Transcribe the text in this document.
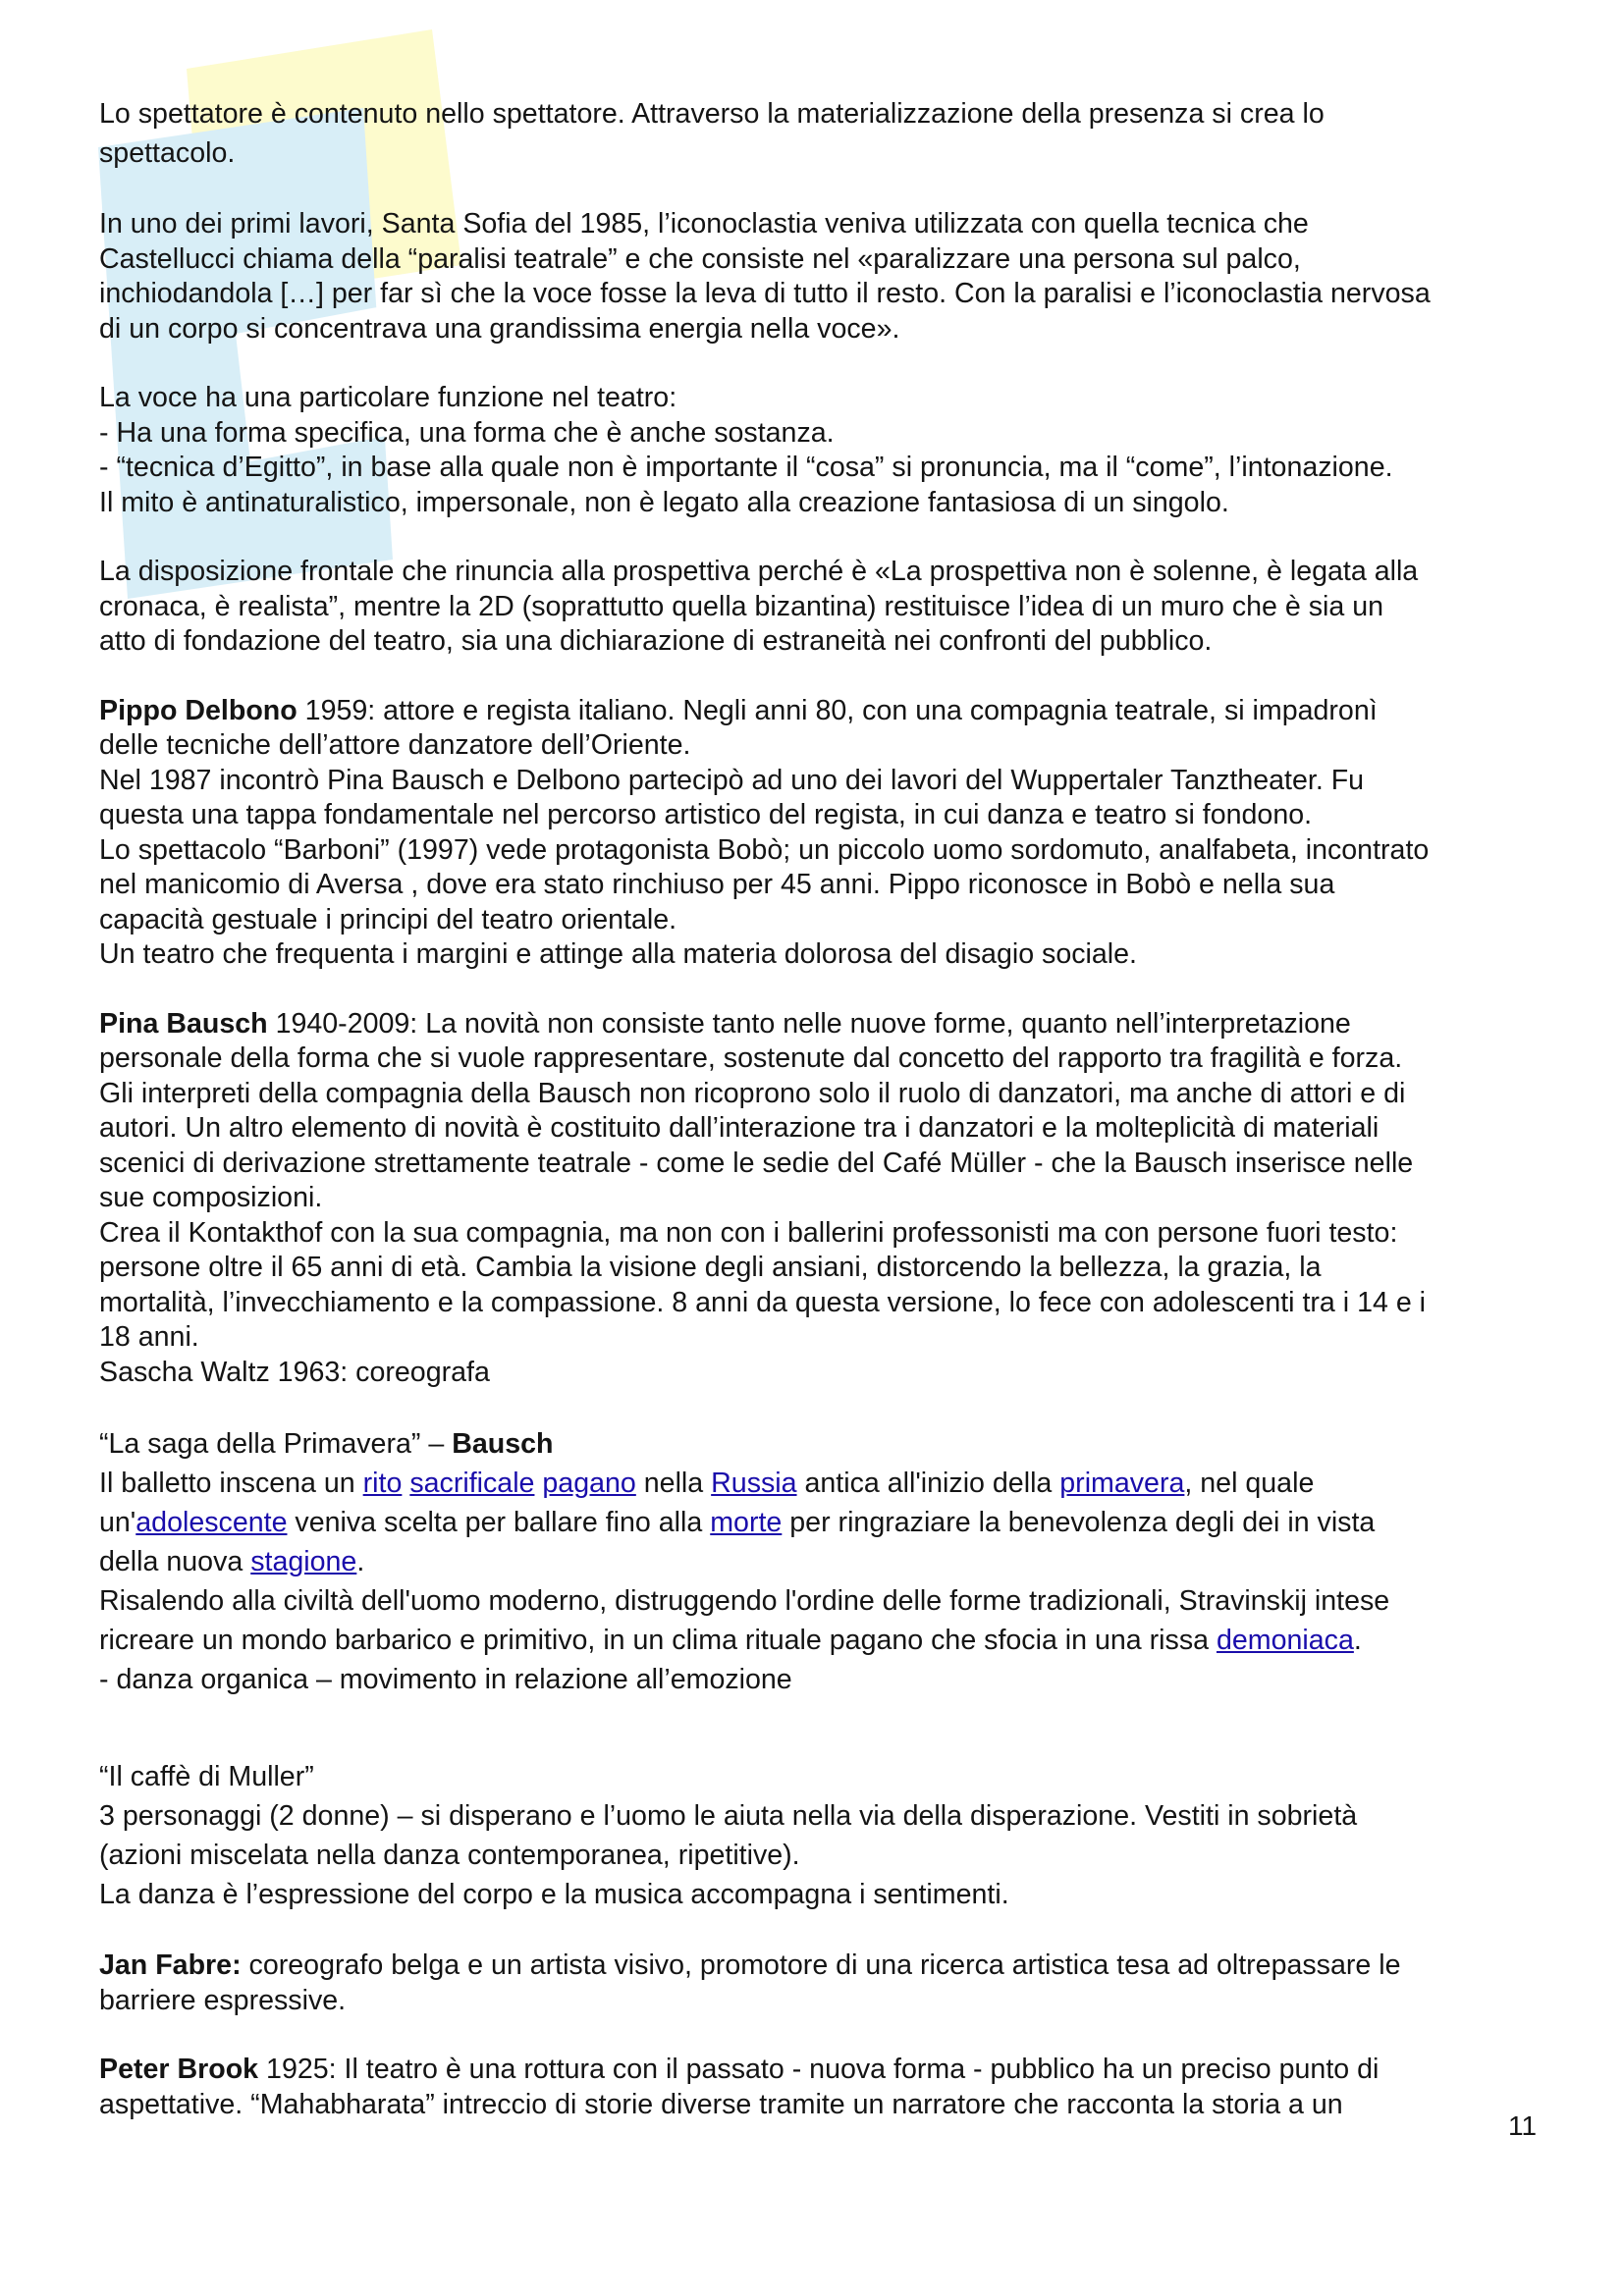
Lo spettatore è contenuto nello spettatore. Attraverso la materializzazione della presenza si crea lo
spettacolo.
In uno dei primi lavori, Santa Sofia del 1985, l’iconoclastia veniva utilizzata con quella tecnica che
Castellucci chiama della “paralisi teatrale” e che consiste nel «paralizzare una persona sul palco,
inchiodandola […] per far sì che la voce fosse la leva di tutto il resto. Con la paralisi e l’iconoclastia nervosa
di un corpo si concentrava una grandissima energia nella voce».
La voce ha una particolare funzione nel teatro:
- Ha una forma specifica, una forma che è anche sostanza.
- “tecnica d’Egitto”, in base alla quale non è importante il “cosa” si pronuncia, ma il “come”, l’intonazione.
Il mito è antinaturalistico, impersonale, non è legato alla creazione fantasiosa di un singolo.
La disposizione frontale che rinuncia alla prospettiva perché è «La prospettiva non è solenne, è legata alla
cronaca, è realista”, mentre la 2D (soprattutto quella bizantina) restituisce l’idea di un muro che è sia un
atto di fondazione del teatro, sia una dichiarazione di estraneità nei confronti del pubblico.
Pippo Delbono 1959: attore e regista italiano. Negli anni 80, con una compagnia teatrale, si impadronì
delle tecniche dell’attore danzatore dell’Oriente.
Nel 1987 incontrò Pina Bausch e Delbono partecipò ad uno dei lavori del Wuppertaler Tanztheater. Fu
questa una tappa fondamentale nel percorso artistico del regista, in cui danza e teatro si fondono.
Lo spettacolo “Barboni” (1997) vede protagonista Bobò; un piccolo uomo sordomuto, analfabeta, incontrato
nel manicomio di Aversa , dove era stato rinchiuso per 45 anni. Pippo riconosce in Bobò e nella sua
capacità gestuale i principi del teatro orientale.
Un teatro che frequenta i margini e attinge alla materia dolorosa del disagio sociale.
Pina Bausch 1940-2009: La novità non consiste tanto nelle nuove forme, quanto nell’interpretazione
personale della forma che si vuole rappresentare, sostenute dal concetto del rapporto tra fragilità e forza.
Gli interpreti della compagnia della Bausch non ricoprono solo il ruolo di danzatori, ma anche di attori e di
autori. Un altro elemento di novità è costituito dall’interazione tra i danzatori e la molteplicità di materiali
scenici di derivazione strettamente teatrale - come le sedie del Café Müller - che la Bausch inserisce nelle
sue composizioni.
Crea il Kontakthof con la sua compagnia, ma non con i ballerini professonisti ma con persone fuori testo:
persone oltre il 65 anni di età. Cambia la visione degli ansiani, distorcendo la bellezza, la grazia, la
mortalità, l’invecchiamento e la compassione. 8 anni da questa versione, lo fece con adolescenti tra i 14 e i
18 anni.
Sascha Waltz 1963: coreografa
“La saga della Primavera” – Bausch
Il balletto inscena un rito sacrificale pagano nella Russia antica all'inizio della primavera, nel quale
un'adolescente veniva scelta per ballare fino alla morte per ringraziare la benevolenza degli dei in vista
della nuova stagione.
Risalendo alla civiltà dell'uomo moderno, distruggendo l'ordine delle forme tradizionali, Stravinskij intese
ricreare un mondo barbarico e primitivo, in un clima rituale pagano che sfocia in una rissa demoniaca.
- danza organica – movimento in relazione all’emozione
“Il caffè di Muller”
3 personaggi (2 donne) – si disperano e l’uomo le aiuta nella via della disperazione. Vestiti in sobrietà
(azioni miscelata nella danza contemporanea, ripetitive).
La danza è l’espressione del corpo e la musica accompagna i sentimenti.
Jan Fabre: coreografo belga e un artista visivo, promotore di una ricerca artistica tesa ad oltrepassare le
barriere espressive.
Peter Brook 1925: Il teatro è una rottura con il passato - nuova forma - pubblico ha un preciso punto di
aspettative. “Mahabharata” intreccio di storie diverse tramite un narratore che racconta la storia a un
11
